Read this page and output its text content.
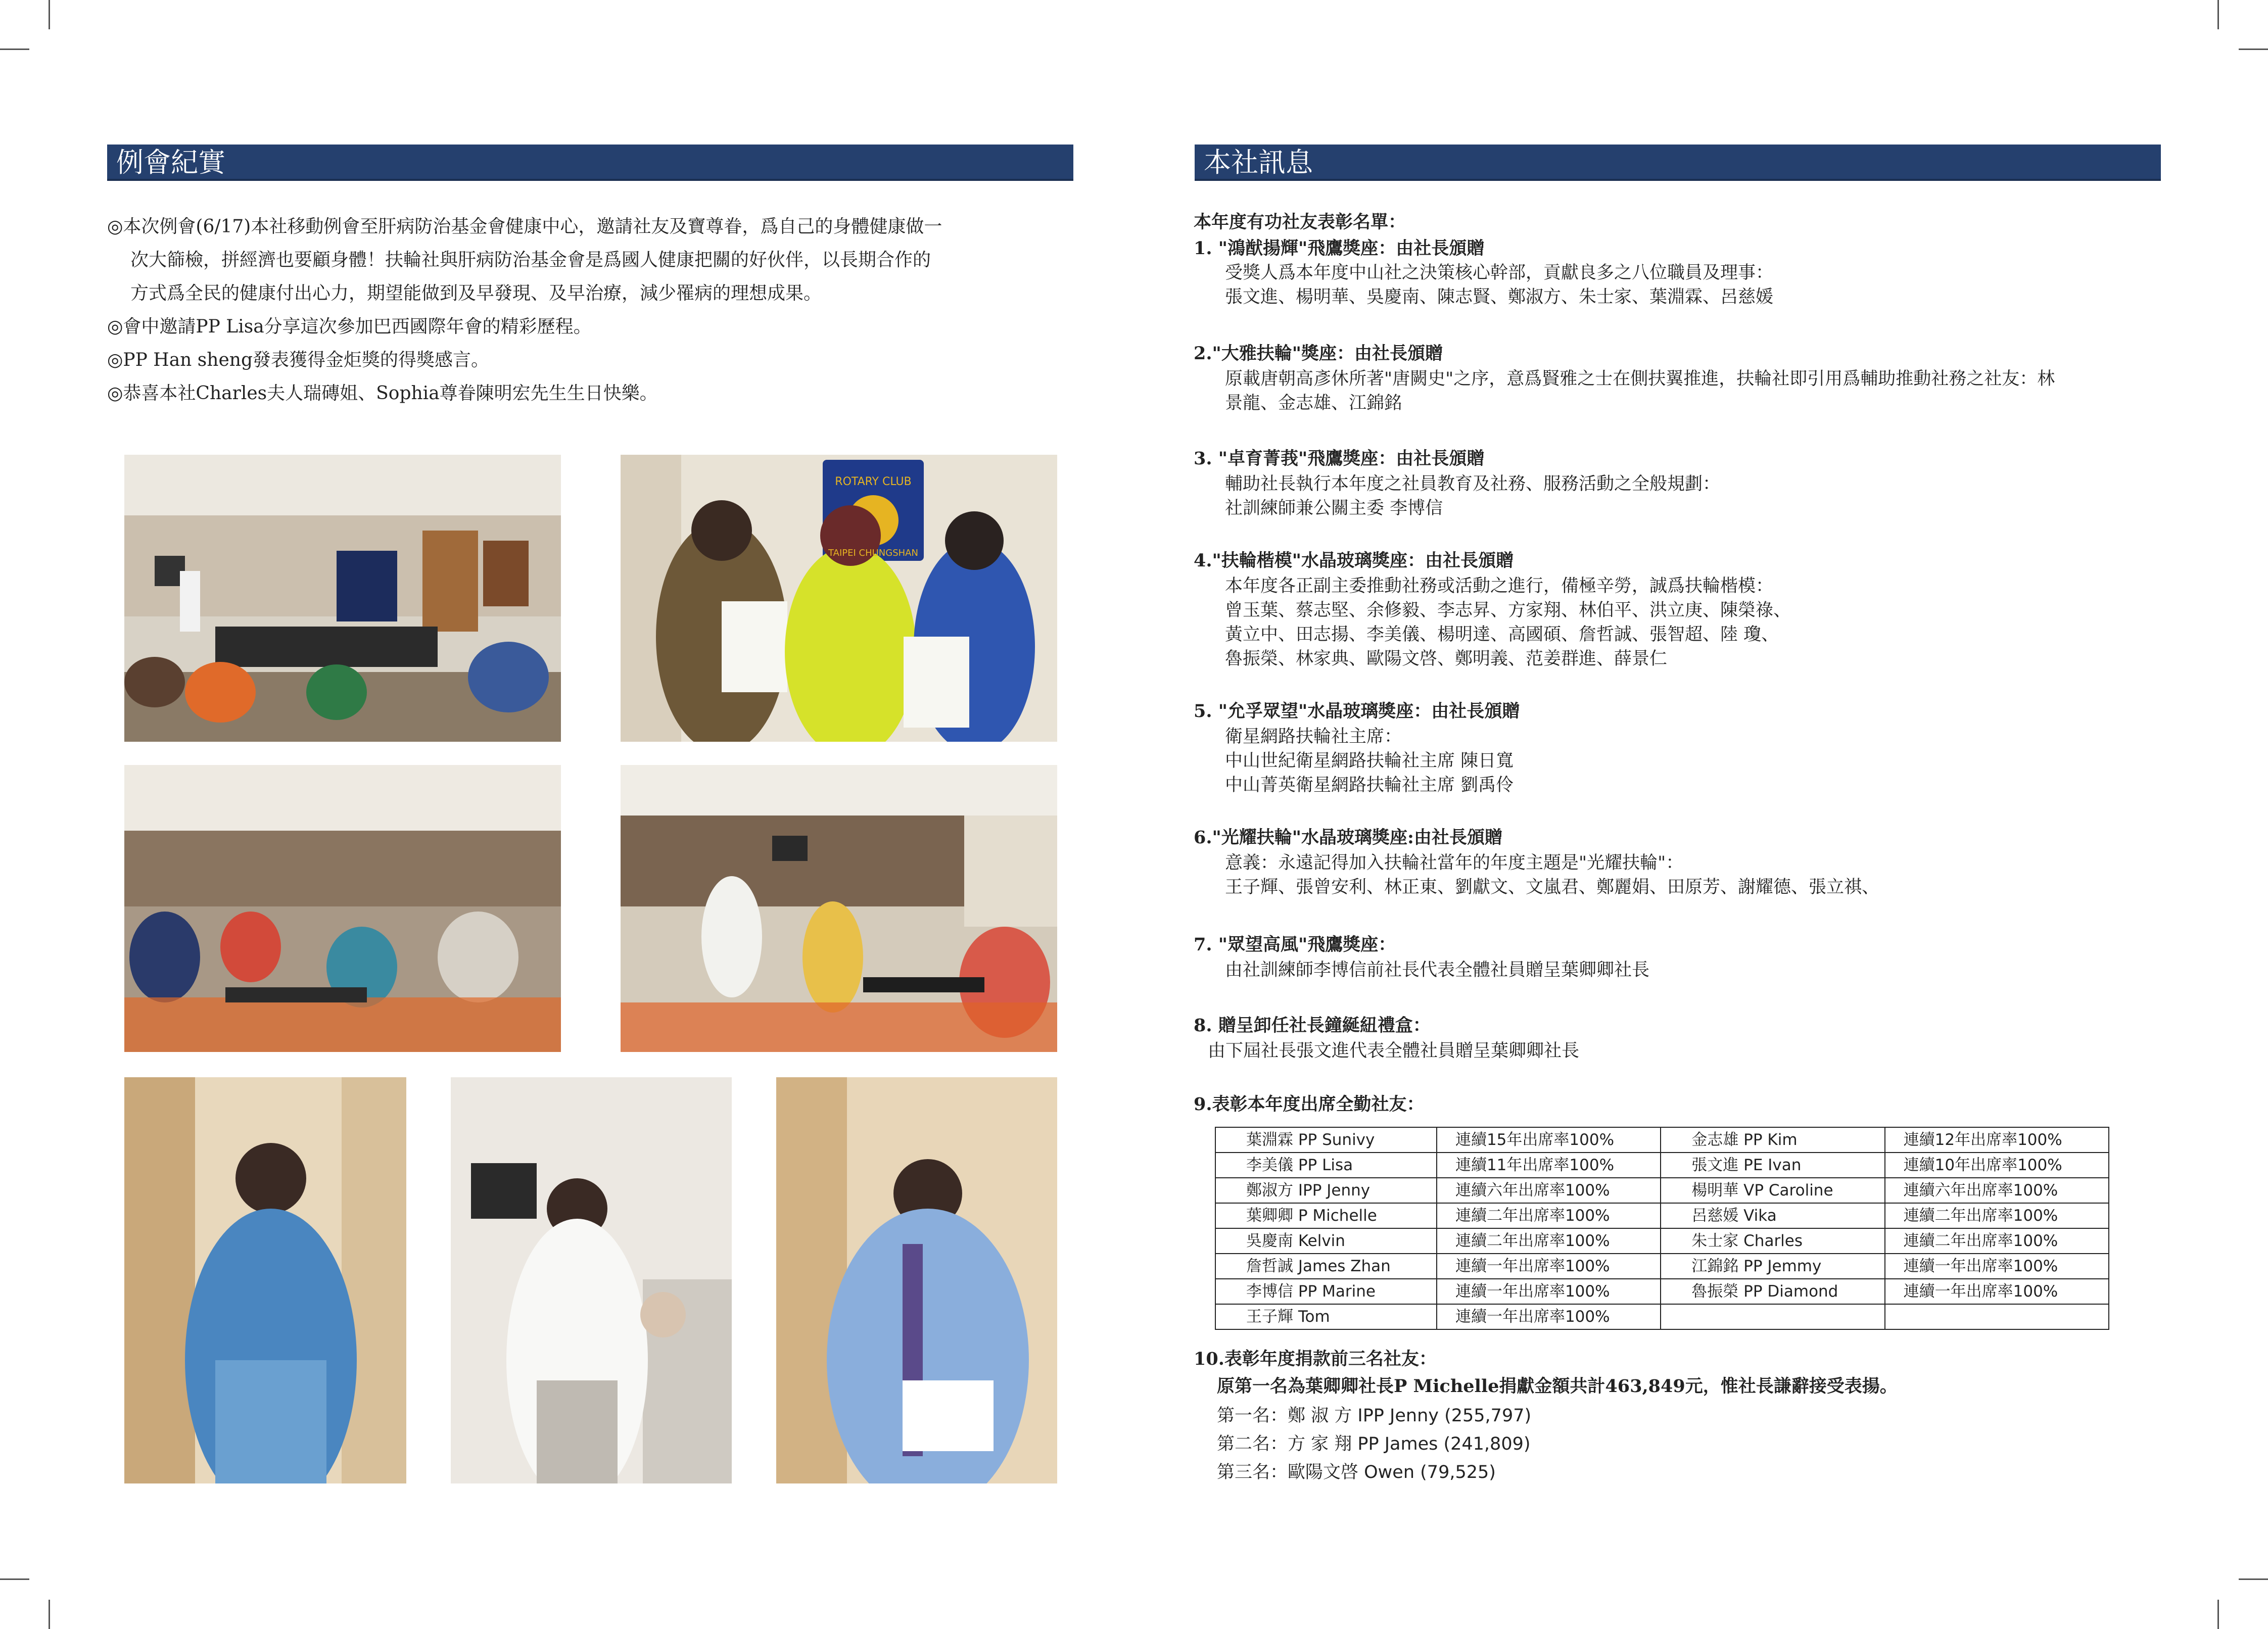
例會紀實
◎本次例會(6/17)本社移動例會至肝病防治基金會健康中心，邀請社友及寶尊眷，爲自己的身體健康做一
次大篩檢，拼經濟也要顧身體！扶輪社與肝病防治基金會是爲國人健康把關的好伙伴，以長期合作的
方式爲全民的健康付出心力，期望能做到及早發現、及早治療，減少罹病的理想成果。
◎會中邀請PP Lisa分享這次參加巴西國際年會的精彩歷程。
◎PP Han sheng發表獲得金炬獎的得獎感言。
◎恭喜本社Charles夫人瑞磚姐、Sophia尊眷陳明宏先生生日快樂。
ROTARY CLUB
TAIPEI CHUNGSHAN
本社訊息
本年度有功社友表彰名單：
1. "鴻猷揚輝"飛鷹獎座：由社長頒贈
受獎人爲本年度中山社之決策核心幹部，貢獻良多之八位職員及理事：
張文進、楊明華、吳慶南、陳志賢、鄭淑方、朱士家、葉淵霖、呂慈媛
2."大雅扶輪"獎座：由社長頒贈
原載唐朝高彥休所著"唐闕史"之序，意爲賢雅之士在側扶翼推進，扶輪社即引用爲輔助推動社務之社友：林
景龍、金志雄、江錦銘
3. "卓育菁莪"飛鷹獎座：由社長頒贈
輔助社長執行本年度之社員教育及社務、服務活動之全般規劃：
社訓練師兼公關主委 李博信
4."扶輪楷模"水晶玻璃獎座：由社長頒贈
本年度各正副主委推動社務或活動之進行，備極辛勞，誠爲扶輪楷模：
曾玉葉、蔡志堅、余修毅、李志昇、方家翔、林伯平、洪立庚、陳榮祿、
黃立中、田志揚、李美儀、楊明達、高國碩、詹哲誠、張智超、陸 瓊、
魯振榮、林家典、歐陽文啓、鄭明義、范姜群進、薛景仁
5. "允孚眾望"水晶玻璃獎座：由社長頒贈
衛星網路扶輪社主席：
中山世紀衛星網路扶輪社主席 陳日寬
中山菁英衛星網路扶輪社主席 劉禹伶
6."光耀扶輪"水晶玻璃獎座:由社長頒贈
意義：永遠記得加入扶輪社當年的年度主題是"光耀扶輪"：
王子輝、張曾安利、林正東、劉獻文、文嵐君、鄭麗娟、田原芳、謝耀德、張立祺、
7. "眾望高風"飛鷹獎座：
由社訓練師李博信前社長代表全體社員贈呈葉卿卿社長
8. 贈呈卸任社長鐘綖紐禮盒：
由下屆社長張文進代表全體社員贈呈葉卿卿社長
9.表彰本年度出席全勤社友：
葉淵霖 PP Sunivy	連續15年出席率100%	金志雄 PP Kim	連續12年出席率100%
李美儀 PP Lisa	連續11年出席率100%	張文進 PE Ivan	連續10年出席率100%
鄭淑方 IPP Jenny	連續六年出席率100%	楊明華 VP Caroline	連續六年出席率100%
葉卿卿 P Michelle	連續二年出席率100%	呂慈媛 Vika	連續二年出席率100%
吳慶南 Kelvin	連續二年出席率100%	朱士家 Charles	連續二年出席率100%
詹哲誠 James Zhan	連續一年出席率100%	江錦銘 PP Jemmy	連續一年出席率100%
李博信 PP Marine	連續一年出席率100%	魯振榮 PP Diamond	連續一年出席率100%
王子輝 Tom	連續一年出席率100%		
10.表彰年度捐款前三名社友：
原第一名為葉卿卿社長P Michelle捐獻金額共計463,849元，惟社長謙辭接受表揚。
第一名：鄭 淑 方 IPP Jenny (255,797)
第二名：方 家 翔 PP James (241,809)
第三名：歐陽文啓 Owen (79,525)
